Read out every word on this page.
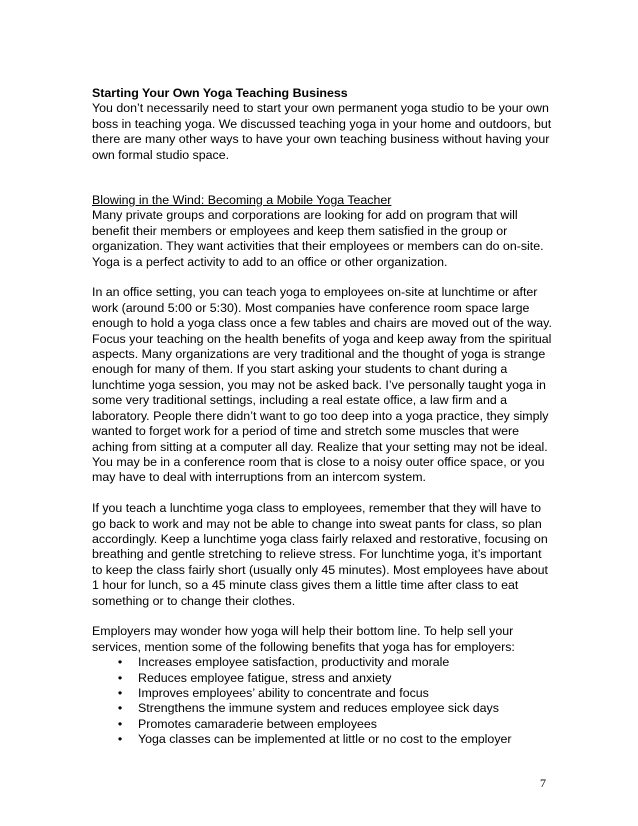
Starting Your Own Yoga Teaching Business

You don’t necessarily need to start your own permanent yoga studio to be your own boss in teaching yoga. We discussed teaching yoga in your home and outdoors, but there are many other ways to have your own teaching business without having your own formal studio space.

Blowing in the Wind: Becoming a Mobile Yoga Teacher

Many private groups and corporations are looking for add on program that will benefit their members or employees and keep them satisfied in the group or organization. They want activities that their employees or members can do on-site. Yoga is a perfect activity to add to an office or other organization.

In an office setting, you can teach yoga to employees on-site at lunchtime or after work (around 5:00 or 5:30). Most companies have conference room space large enough to hold a yoga class once a few tables and chairs are moved out of the way. Focus your teaching on the health benefits of yoga and keep away from the spiritual aspects. Many organizations are very traditional and the thought of yoga is strange enough for many of them. If you start asking your students to chant during a lunchtime yoga session, you may not be asked back. I’ve personally taught yoga in some very traditional settings, including a real estate office, a law firm and a laboratory. People there didn’t want to go too deep into a yoga practice, they simply wanted to forget work for a period of time and stretch some muscles that were aching from sitting at a computer all day. Realize that your setting may not be ideal. You may be in a conference room that is close to a noisy outer office space, or you may have to deal with interruptions from an intercom system.

If you teach a lunchtime yoga class to employees, remember that they will have to go back to work and may not be able to change into sweat pants for class, so plan accordingly. Keep a lunchtime yoga class fairly relaxed and restorative, focusing on breathing and gentle stretching to relieve stress. For lunchtime yoga, it’s important to keep the class fairly short (usually only 45 minutes). Most employees have about 1 hour for lunch, so a 45 minute class gives them a little time after class to eat something or to change their clothes.

Employers may wonder how yoga will help their bottom line. To help sell your services, mention some of the following benefits that yoga has for employers:

•	Increases employee satisfaction, productivity and morale
•	Reduces employee fatigue, stress and anxiety
•	Improves employees’ ability to concentrate and focus
•	Strengthens the immune system and reduces employee sick days
•	Promotes camaraderie between employees
•	Yoga classes can be implemented at little or no cost to the employer
7
